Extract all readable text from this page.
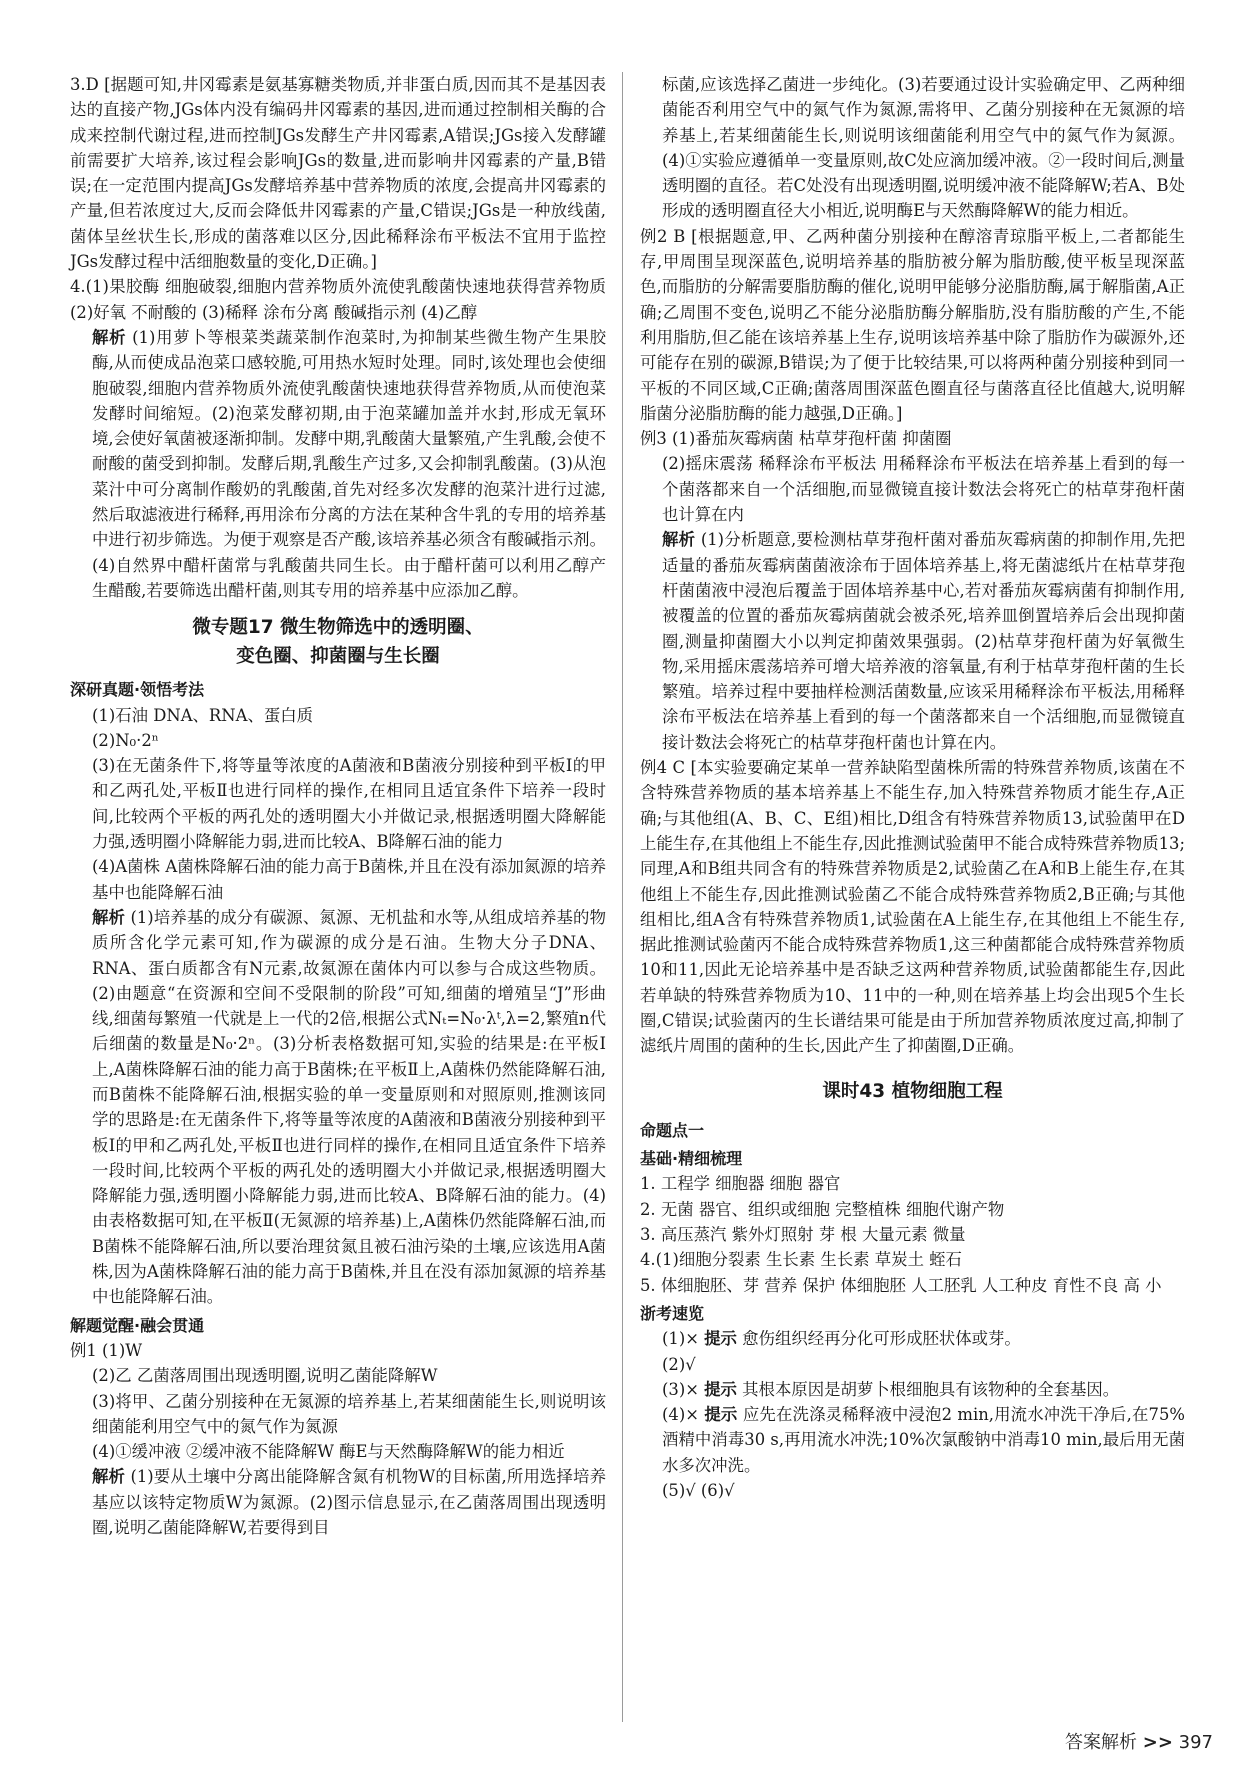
3.D [据题可知,井冈霉素是氨基寡糖类物质,并非蛋白质,因而其不是基因表达的直接产物,JGs体内没有编码井冈霉素的基因,进而通过控制相关酶的合成来控制代谢过程,进而控制JGs发酵生产井冈霉素,A错误;JGs接入发酵罐前需要扩大培养,该过程会影响JGs的数量,进而影响井冈霉素的产量,B错误;在一定范围内提高JGs发酵培养基中营养物质的浓度,会提高井冈霉素的产量,但若浓度过大,反而会降低井冈霉素的产量,C错误;JGs是一种放线菌,菌体呈丝状生长,形成的菌落难以区分,因此稀释涂布平板法不宜用于监控JGs发酵过程中活细胞数量的变化,D正确。]

4.(1)果胶酶 细胞破裂,细胞内营养物质外流使乳酸菌快速地获得营养物质 (2)好氧 不耐酸的 (3)稀释 涂布分离 酸碱指示剂 (4)乙醇

解析 (1)用萝卜等根菜类蔬菜制作泡菜时,为抑制某些微生物产生果胶酶,从而使成品泡菜口感较脆,可用热水短时处理。同时,该处理也会使细胞破裂,细胞内营养物质外流使乳酸菌快速地获得营养物质,从而使泡菜发酵时间缩短。(2)泡菜发酵初期,由于泡菜罐加盖并水封,形成无氧环境,会使好氧菌被逐渐抑制。发酵中期,乳酸菌大量繁殖,产生乳酸,会使不耐酸的菌受到抑制。发酵后期,乳酸生产过多,又会抑制乳酸菌。(3)从泡菜汁中可分离制作酸奶的乳酸菌,首先对经多次发酵的泡菜汁进行过滤,然后取滤液进行稀释,再用涂布分离的方法在某种含牛乳的专用的培养基中进行初步筛选。为便于观察是否产酸,该培养基必须含有酸碱指示剂。(4)自然界中醋杆菌常与乳酸菌共同生长。由于醋杆菌可以利用乙醇产生醋酸,若要筛选出醋杆菌,则其专用的培养基中应添加乙醇。

微专题17 微生物筛选中的透明圈、
变色圈、抑菌圈与生长圈
深研真题·领悟考法

(1)石油 DNA、RNA、蛋白质

(2)N₀·2ⁿ

(3)在无菌条件下,将等量等浓度的A菌液和B菌液分别接种到平板Ⅰ的甲和乙两孔处,平板Ⅱ也进行同样的操作,在相同且适宜条件下培养一段时间,比较两个平板的两孔处的透明圈大小并做记录,根据透明圈大降解能力强,透明圈小降解能力弱,进而比较A、B降解石油的能力

(4)A菌株 A菌株降解石油的能力高于B菌株,并且在没有添加氮源的培养基中也能降解石油

解析 (1)培养基的成分有碳源、氮源、无机盐和水等,从组成培养基的物质所含化学元素可知,作为碳源的成分是石油。生物大分子DNA、RNA、蛋白质都含有N元素,故氮源在菌体内可以参与合成这些物质。(2)由题意“在资源和空间不受限制的阶段”可知,细菌的增殖呈“J”形曲线,细菌每繁殖一代就是上一代的2倍,根据公式Nₜ=N₀·λᵗ,λ=2,繁殖n代后细菌的数量是N₀·2ⁿ。(3)分析表格数据可知,实验的结果是:在平板Ⅰ上,A菌株降解石油的能力高于B菌株;在平板Ⅱ上,A菌株仍然能降解石油,而B菌株不能降解石油,根据实验的单一变量原则和对照原则,推测该同学的思路是:在无菌条件下,将等量等浓度的A菌液和B菌液分别接种到平板Ⅰ的甲和乙两孔处,平板Ⅱ也进行同样的操作,在相同且适宜条件下培养一段时间,比较两个平板的两孔处的透明圈大小并做记录,根据透明圈大降解能力强,透明圈小降解能力弱,进而比较A、B降解石油的能力。(4)由表格数据可知,在平板Ⅱ(无氮源的培养基)上,A菌株仍然能降解石油,而B菌株不能降解石油,所以要治理贫氮且被石油污染的土壤,应该选用A菌株,因为A菌株降解石油的能力高于B菌株,并且在没有添加氮源的培养基中也能降解石油。

解题觉醒·融会贯通

例1 (1)W

(2)乙 乙菌落周围出现透明圈,说明乙菌能降解W

(3)将甲、乙菌分别接种在无氮源的培养基上,若某细菌能生长,则说明该细菌能利用空气中的氮气作为氮源

(4)①缓冲液 ②缓冲液不能降解W 酶E与天然酶降解W的能力相近

解析 (1)要从土壤中分离出能降解含氮有机物W的目标菌,所用选择培养基应以该特定物质W为氮源。(2)图示信息显示,在乙菌落周围出现透明圈,说明乙菌能降解W,若要得到目

标菌,应该选择乙菌进一步纯化。(3)若要通过设计实验确定甲、乙两种细菌能否利用空气中的氮气作为氮源,需将甲、乙菌分别接种在无氮源的培养基上,若某细菌能生长,则说明该细菌能利用空气中的氮气作为氮源。(4)①实验应遵循单一变量原则,故C处应滴加缓冲液。②一段时间后,测量透明圈的直径。若C处没有出现透明圈,说明缓冲液不能降解W;若A、B处形成的透明圈直径大小相近,说明酶E与天然酶降解W的能力相近。

例2 B [根据题意,甲、乙两种菌分别接种在醇溶青琼脂平板上,二者都能生存,甲周围呈现深蓝色,说明培养基的脂肪被分解为脂肪酸,使平板呈现深蓝色,而脂肪的分解需要脂肪酶的催化,说明甲能够分泌脂肪酶,属于解脂菌,A正确;乙周围不变色,说明乙不能分泌脂肪酶分解脂肪,没有脂肪酸的产生,不能利用脂肪,但乙能在该培养基上生存,说明该培养基中除了脂肪作为碳源外,还可能存在别的碳源,B错误;为了便于比较结果,可以将两种菌分别接种到同一平板的不同区域,C正确;菌落周围深蓝色圈直径与菌落直径比值越大,说明解脂菌分泌脂肪酶的能力越强,D正确。]

例3 (1)番茄灰霉病菌 枯草芽孢杆菌 抑菌圈

(2)摇床震荡 稀释涂布平板法 用稀释涂布平板法在培养基上看到的每一个菌落都来自一个活细胞,而显微镜直接计数法会将死亡的枯草芽孢杆菌也计算在内

解析 (1)分析题意,要检测枯草芽孢杆菌对番茄灰霉病菌的抑制作用,先把适量的番茄灰霉病菌菌液涂布于固体培养基上,将无菌滤纸片在枯草芽孢杆菌菌液中浸泡后覆盖于固体培养基中心,若对番茄灰霉病菌有抑制作用,被覆盖的位置的番茄灰霉病菌就会被杀死,培养皿倒置培养后会出现抑菌圈,测量抑菌圈大小以判定抑菌效果强弱。(2)枯草芽孢杆菌为好氧微生物,采用摇床震荡培养可增大培养液的溶氧量,有利于枯草芽孢杆菌的生长繁殖。培养过程中要抽样检测活菌数量,应该采用稀释涂布平板法,用稀释涂布平板法在培养基上看到的每一个菌落都来自一个活细胞,而显微镜直接计数法会将死亡的枯草芽孢杆菌也计算在内。

例4 C [本实验要确定某单一营养缺陷型菌株所需的特殊营养物质,该菌在不含特殊营养物质的基本培养基上不能生存,加入特殊营养物质才能生存,A正确;与其他组(A、B、C、E组)相比,D组含有特殊营养物质13,试验菌甲在D上能生存,在其他组上不能生存,因此推测试验菌甲不能合成特殊营养物质13;同理,A和B组共同含有的特殊营养物质是2,试验菌乙在A和B上能生存,在其他组上不能生存,因此推测试验菌乙不能合成特殊营养物质2,B正确;与其他组相比,组A含有特殊营养物质1,试验菌在A上能生存,在其他组上不能生存,据此推测试验菌丙不能合成特殊营养物质1,这三种菌都能合成特殊营养物质10和11,因此无论培养基中是否缺乏这两种营养物质,试验菌都能生存,因此若单缺的特殊营养物质为10、11中的一种,则在培养基上均会出现5个生长圈,C错误;试验菌丙的生长谱结果可能是由于所加营养物质浓度过高,抑制了滤纸片周围的菌种的生长,因此产生了抑菌圈,D正确。

课时43 植物细胞工程
命题点一
基础·精细梳理

1. 工程学 细胞器 细胞 器官

2. 无菌 器官、组织或细胞 完整植株 细胞代谢产物

3. 高压蒸汽 紫外灯照射 芽 根 大量元素 微量

4.(1)细胞分裂素 生长素 生长素 草炭土 蛭石

5. 体细胞胚、芽 营养 保护 体细胞胚 人工胚乳 人工种皮 育性不良 高 小

浙考速览

(1)× 提示 愈伤组织经再分化可形成胚状体或芽。

(2)√

(3)× 提示 其根本原因是胡萝卜根细胞具有该物种的全套基因。

(4)× 提示 应先在洗涤灵稀释液中浸泡2 min,用流水冲洗干净后,在75%酒精中消毒30 s,再用流水冲洗;10%次氯酸钠中消毒10 min,最后用无菌水多次冲洗。

(5)√ (6)√

答案解析 >> 397
